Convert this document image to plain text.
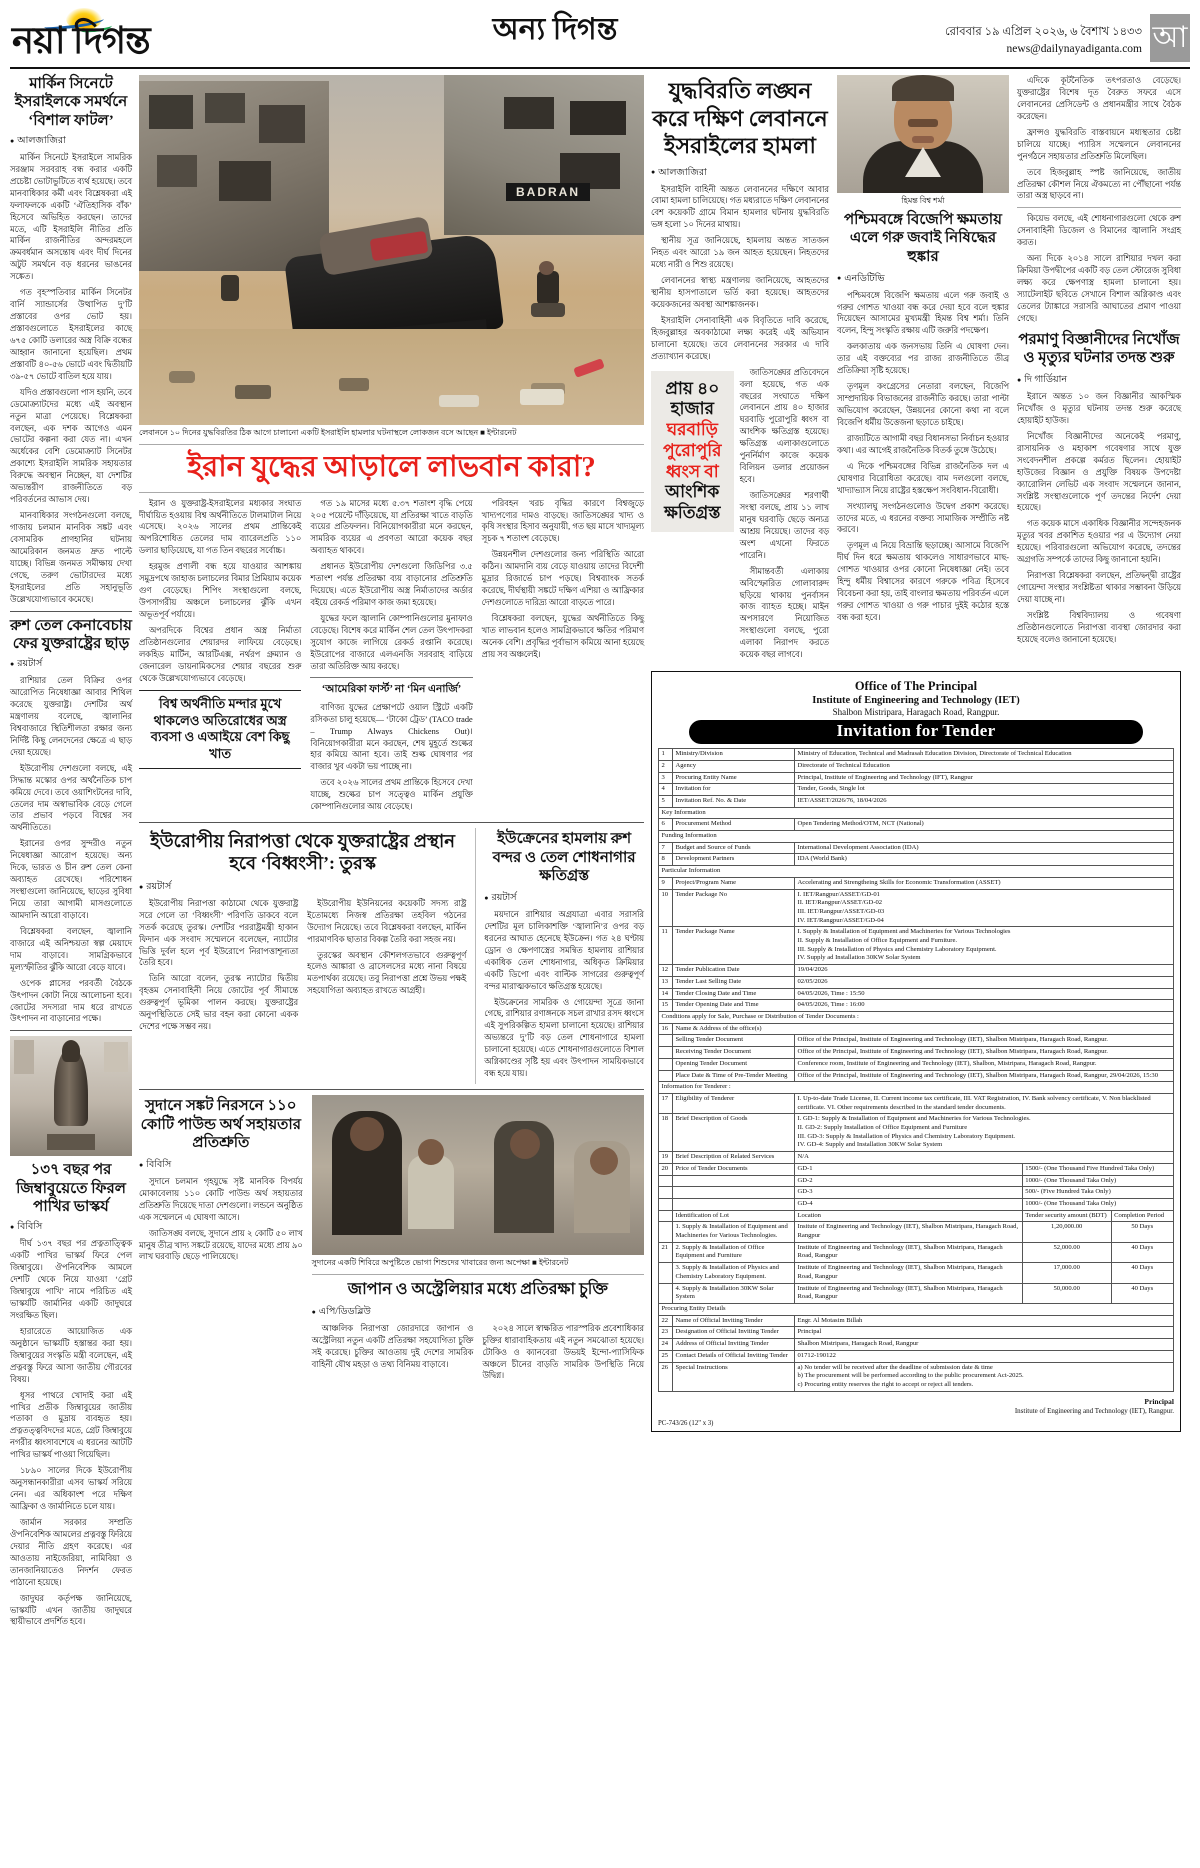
নয়া দিগন্ত	অন্য দিগন্ত	রোববার ১৯ এপ্রিল ২০২৬, ৬ বৈশাখ ১৪৩৩
news@dailynayadiganta.com আ
মার্কিন সিনেটে ইসরাইলকে সমর্থনে ‘বিশাল ফাটল’
● আলজাজিরা

মার্কিন সিনেটে ইসরাইলে সামরিক সরঞ্জাম সরবরাহ বন্ধ করার একটি প্রচেষ্টা ভোটাভুটিতে ব্যর্থ হয়েছে। তবে মানবাধিকার কর্মী এবং বিশ্লেষকরা এই ফলাফলকে একটি ‘ঐতিহাসিক বাঁক’ হিসেবে অভিহিত করছেন। তাদের মতে, এটি ইসরাইলি নীতির প্রতি মার্কিন রাজনীতির অন্দরমহলে ক্রমবর্ধমান অসন্তোষ এবং দীর্ঘ দিনের অটুট সমর্থনে বড় ধরনের ভাঙনের সঙ্কেত।

গত বৃহস্পতিবার মার্কিন সিনেটর বার্নি স্যান্ডার্সের উত্থাপিত দু’টি প্রস্তাবের ওপর ভোট হয়। প্রস্তাবগুলোতে ইসরাইলের কাছে ৬৭৫ কোটি ডলারের অস্ত্র বিক্রি বন্ধের আহ্বান জানানো হয়েছিল। প্রথম প্রস্তাবটি ৪০-৫৬ ভোটে এবং দ্বিতীয়টি ৩৯-৫৭ ভোটে বাতিল হয়ে যায়।

যদিও প্রস্তাবগুলো পাস হয়নি, তবে ডেমোক্র্যাটদের মধ্যে এই অবস্থান নতুন মাত্রা পেয়েছে। বিশ্লেষকরা বলছেন, এক দশক আগেও এমন ভোটের কল্পনা করা যেত না। এখন অর্ধেকের বেশি ডেমোক্র্যাট সিনেটর প্রকাশ্যে ইসরাইলি সামরিক সহায়তার বিরুদ্ধে অবস্থান নিচ্ছেন, যা দেশটির অভ্যন্তরীণ রাজনীতিতে বড় পরিবর্তনের আভাস দেয়।

মানবাধিকার সংগঠনগুলো বলছে, গাজায় চলমান মানবিক সঙ্কট এবং বেসামরিক প্রাণহানির ঘটনায় আমেরিকান জনমত দ্রুত পাল্টে যাচ্ছে। বিভিন্ন জনমত সমীক্ষায় দেখা গেছে, তরুণ ভোটারদের মধ্যে ইসরাইলের প্রতি সহানুভূতি উল্লেখযোগ্যভাবে কমেছে।

রুশ তেল কেনাবেচায় ফের যুক্তরাষ্ট্রের ছাড়
● রয়টার্স

রাশিয়ার তেল বিক্রির ওপর আরোপিত নিষেধাজ্ঞা আবার শিথিল করেছে যুক্তরাষ্ট্র। দেশটির অর্থ মন্ত্রণালয় বলেছে, জ্বালানির বিশ্ববাজারে স্থিতিশীলতা রক্ষার জন্য নির্দিষ্ট কিছু লেনদেনের ক্ষেত্রে এ ছাড় দেয়া হয়েছে।

ইউরোপীয় দেশগুলো বলছে, এই সিদ্ধান্ত মস্কোর ওপর অর্থনৈতিক চাপ কমিয়ে দেবে। তবে ওয়াশিংটনের দাবি, তেলের দাম অস্বাভাবিক বেড়ে গেলে তার প্রভাব পড়বে বিশ্বের সব অর্থনীতিতে।

ইরানের ওপর সুন্দরীও নতুন নিষেধাজ্ঞা আরোপ হয়েছে। অন্য দিকে, ভারত ও চীন রুশ তেল কেনা অব্যাহত রেখেছে। পরিশোধন সংস্থাগুলো জানিয়েছে, ছাড়ের সুবিধা নিয়ে তারা আগামী মাসগুলোতে আমদানি আরো বাড়াবে।

বিশ্লেষকরা বলছেন, জ্বালানি বাজারে এই অনিশ্চয়তা স্বল্প মেয়াদে দাম বাড়াবে। সামগ্রিকভাবে মূল্যস্ফীতির ঝুঁকি আরো বেড়ে যাবে।

ওপেক প্লাসের পরবর্তী বৈঠকে উৎপাদন কোটা নিয়ে আলোচনা হবে। জোটের সদস্যরা দাম ধরে রাখতে উৎপাদন না বাড়ানোর পক্ষে।

১৩৭ বছর পর জিম্বাবুয়েতে ফিরল পাখির ভাস্কর্য
● বিবিসি

দীর্ঘ ১৩৭ বছর পর প্রত্নতাত্ত্বিক একটি পাখির ভাস্কর্য ফিরে পেল জিম্বাবুয়ে। ঔপনিবেশিক আমলে দেশটি থেকে নিয়ে যাওয়া ‘গ্রেট জিম্বাবুয়ে পাখি’ নামে পরিচিত এই ভাস্কর্যটি জার্মানির একটি জাদুঘরে সংরক্ষিত ছিল।

হারারেতে আয়োজিত এক অনুষ্ঠানে ভাস্কর্যটি হস্তান্তর করা হয়। জিম্বাবুয়ের সংস্কৃতি মন্ত্রী বলেছেন, এই প্রত্নবস্তু ফিরে আসা জাতীয় গৌরবের বিষয়।

ধূসর পাথরে খোদাই করা এই পাখির প্রতীক জিম্বাবুয়ের জাতীয় পতাকা ও মুদ্রায় ব্যবহৃত হয়। প্রত্নতত্ত্ববিদদের মতে, গ্রেট জিম্বাবুয়ে নগরীর ধ্বংসাবশেষে এ ধরনের আটটি পাখির ভাস্কর্য পাওয়া গিয়েছিল।

১৮৯০ সালের দিকে ইউরোপীয় অনুসন্ধানকারীরা এসব ভাস্কর্য সরিয়ে নেন। এর অধিকাংশ পরে দক্ষিণ আফ্রিকা ও জার্মানিতে চলে যায়।

জার্মান সরকার সম্প্রতি ঔপনিবেশিক আমলের প্রত্নবস্তু ফিরিয়ে দেয়ার নীতি গ্রহণ করেছে। এর আওতায় নাইজেরিয়া, নামিবিয়া ও তানজানিয়াতেও নিদর্শন ফেরত পাঠানো হয়েছে।

জাদুঘর কর্তৃপক্ষ জানিয়েছে, ভাস্কর্যটি এখন জাতীয় জাদুঘরে স্থায়ীভাবে প্রদর্শিত হবে।

BADRAN
লেবাননে ১০ দিনের যুদ্ধবিরতির ঠিক আগে চালানো একটি ইসরাইলি হামলার ঘটনাস্থলে লোকজন বসে আছেন ■ ইন্টারনেট
ইরান যুদ্ধের আড়ালে লাভবান কারা?

ইরান ও যুক্তরাষ্ট্র-ইসরাইলের মধ্যকার সংঘাত দীর্ঘায়িত হওয়ায় বিশ্ব অর্থনীতিতে টালমাটাল নিয়ে এসেছে। ২০২৬ সালের প্রথম প্রান্তিকেই অপরিশোধিত তেলের দাম ব্যারেলপ্রতি ১১০ ডলার ছাড়িয়েছে, যা গত তিন বছরের সর্বোচ্চ।

হরমুজ প্রণালী বন্ধ হয়ে যাওয়ার আশঙ্কায় সমুদ্রপথে জাহাজ চলাচলের বিমার প্রিমিয়াম কয়েক গুণ বেড়েছে। শিপিং সংস্থাগুলো বলছে, উপসাগরীয় অঞ্চলে চলাচলের ঝুঁকি এখন অভূতপূর্ব পর্যায়ে।

অপরদিকে বিশ্বের প্রধান অস্ত্র নির্মাতা প্রতিষ্ঠানগুলোর শেয়ারদর লাফিয়ে বেড়েছে। লকহিড মার্টিন, আরটিএক্স, নর্থরপ গ্রুম্যান ও জেনারেল ডায়নামিকসের শেয়ার বছরের শুরু থেকে উল্লেখযোগ্যভাবে বেড়েছে।

বিশ্ব অর্থনীতি মন্দার মুখে থাকলেও অতিরোধের অস্ত্র ব্যবসা ও এআইয়ে বেশ কিছু খাত

গত ১৯ মাসের মধ্যে ৫.৩৭ শতাংশ বৃদ্ধি পেয়ে ২০৫ পয়েন্টে দাঁড়িয়েছে, যা প্রতিরক্ষা খাতে বাড়তি ব্যয়ের প্রতিফলন। বিনিয়োগকারীরা মনে করছেন, সামরিক ব্যয়ের এ প্রবণতা আরো কয়েক বছর অব্যাহত থাকবে।

প্রধানত ইউরোপীয় দেশগুলো জিডিপির ৩.৫ শতাংশ পর্যন্ত প্রতিরক্ষা ব্যয় বাড়ানোর প্রতিশ্রুতি দিয়েছে। এতে ইউরোপীয় অস্ত্র নির্মাতাদের অর্ডার বইয়ে রেকর্ড পরিমাণ কাজ জমা হয়েছে।

যুদ্ধের ফলে জ্বালানি কোম্পানিগুলোর মুনাফাও বেড়েছে। বিশেষ করে মার্কিন শেল তেল উৎপাদকরা সুযোগ কাজে লাগিয়ে রেকর্ড রপ্তানি করেছে। ইউরোপের বাজারে এলএনজি সরবরাহ বাড়িয়ে তারা অতিরিক্ত আয় করছে।

‘আমেরিকা ফার্স্ট’ না ‘মিন এনার্জি’

বাণিজ্য যুদ্ধের প্রেক্ষাপটে ওয়াল স্ট্রিটে একটি রসিকতা চালু হয়েছে— ‘টাকো ট্রেড’ (TACO trade – Trump Always Chickens Out)। বিনিয়োগকারীরা মনে করছেন, শেষ মুহূর্তে শুল্কের হার কমিয়ে আনা হবে। তাই শুল্ক ঘোষণার পর বাজার খুব একটা ভয় পাচ্ছে না।

তবে ২০২৬ সালের প্রথম প্রান্তিকে হিসেবে দেখা যাচ্ছে, শুল্কের চাপ সত্ত্বেও মার্কিন প্রযুক্তি কোম্পানিগুলোর আয় বেড়েছে।

পরিবহন খরচ বৃদ্ধির কারণে বিশ্বজুড়ে খাদ্যপণ্যের দামও বাড়ছে। জাতিসঙ্ঘের খাদ্য ও কৃষি সংস্থার হিসাব অনুযায়ী, গত ছয় মাসে খাদ্যমূল্য সূচক ৭ শতাংশ বেড়েছে।

উন্নয়নশীল দেশগুলোর জন্য পরিস্থিতি আরো কঠিন। আমদানি ব্যয় বেড়ে যাওয়ায় তাদের বিদেশী মুদ্রার রিজার্ভে চাপ পড়ছে। বিশ্বব্যাংক সতর্ক করেছে, দীর্ঘস্থায়ী সঙ্কটে দক্ষিণ এশিয়া ও আফ্রিকার দেশগুলোতে দারিদ্র্য আরো বাড়তে পারে।

বিশ্লেষকরা বলছেন, যুদ্ধের অর্থনীতিতে কিছু খাত লাভবান হলেও সামগ্রিকভাবে ক্ষতির পরিমাণ অনেক বেশি। প্রবৃদ্ধির পূর্বাভাস কমিয়ে আনা হয়েছে প্রায় সব অঞ্চলেই।

ইউরোপীয় নিরাপত্তা থেকে যুক্তরাষ্ট্রের প্রস্থান হবে ‘বিধ্বংসী’: তুরস্ক
● রয়টার্স

ইউরোপীয় নিরাপত্তা কাঠামো থেকে যুক্তরাষ্ট্র সরে গেলে তা ‘বিধ্বংসী’ পরিণতি ডাকবে বলে সতর্ক করেছে তুরস্ক। দেশটির পররাষ্ট্রমন্ত্রী হাকান ফিদান এক সংবাদ সম্মেলনে বলেছেন, ন্যাটোর ভিত্তি দুর্বল হলে পূর্ব ইউরোপে নিরাপত্তাশূন্যতা তৈরি হবে।

তিনি আরো বলেন, তুরস্ক ন্যাটোর দ্বিতীয় বৃহত্তম সেনাবাহিনী নিয়ে জোটের পূর্ব সীমান্তে গুরুত্বপূর্ণ ভূমিকা পালন করছে। যুক্তরাষ্ট্রের অনুপস্থিতিতে সেই ভার বহন করা কোনো একক দেশের পক্ষে সম্ভব নয়।

ইউরোপীয় ইউনিয়নের কয়েকটি সদস্য রাষ্ট্র ইতোমধ্যে নিজস্ব প্রতিরক্ষা তহবিল গঠনের উদ্যোগ নিয়েছে। তবে বিশ্লেষকরা বলছেন, মার্কিন পারমাণবিক ছাতার বিকল্প তৈরি করা সহজ নয়।

তুরস্কের অবস্থান কৌশলগতভাবে গুরুত্বপূর্ণ হলেও আঙ্কারা ও ব্রাসেলসের মধ্যে নানা বিষয়ে মতপার্থক্য রয়েছে। তবু নিরাপত্তা প্রশ্নে উভয় পক্ষই সহযোগিতা অব্যাহত রাখতে আগ্রহী।

ইউক্রেনের হামলায় রুশ বন্দর ও তেল শোধনাগার ক্ষতিগ্রস্ত
● রয়টার্স

ময়দানে রাশিয়ার অগ্রযাত্রা এবার সরাসরি দেশটির মূল চালিকাশক্তি ‘জ্বালানি’র ওপর বড় ধরনের আঘাত হেনেছে ইউক্রেন। গত ২৪ ঘণ্টায় ড্রোন ও ক্ষেপণাস্ত্রের সমন্বিত হামলায় রাশিয়ার একাধিক তেল শোধনাগার, অধিকৃত ক্রিমিয়ার একটি ডিপো এবং বাল্টিক সাগরের গুরুত্বপূর্ণ বন্দর মারাত্মকভাবে ক্ষতিগ্রস্ত হয়েছে।

ইউক্রেনের সামরিক ও গোয়েন্দা সূত্রে জানা গেছে, রাশিয়ার রণাঙ্গনকে সচল রাখার রসদ ধ্বংসে এই সুপরিকল্পিত হামলা চালানো হয়েছে। রাশিয়ার অভ্যন্তরে দু’টি বড় তেল শোধনাগারে হামলা চালানো হয়েছে। এতে শোধনাগারগুলোতে বিশাল অগ্নিকাণ্ডের সৃষ্টি হয় এবং উৎপাদন সাময়িকভাবে বন্ধ হয়ে যায়।

সুদানে সঙ্কট নিরসনে ১১০ কোটি পাউন্ড অর্থ সহায়তার প্রতিশ্রুতি
● বিবিসি

সুদানে চলমান গৃহযুদ্ধে সৃষ্ট মানবিক বিপর্যয় মোকাবেলায় ১১০ কোটি পাউন্ড অর্থ সহায়তার প্রতিশ্রুতি দিয়েছে দাতা দেশগুলো। লন্ডনে অনুষ্ঠিত এক সম্মেলনে এ ঘোষণা আসে।

জাতিসঙ্ঘ বলছে, সুদানে প্রায় ২ কোটি ৫০ লাখ মানুষ তীব্র খাদ্য সঙ্কটে রয়েছে, যাদের মধ্যে প্রায় ৯০ লাখ ঘরবাড়ি ছেড়ে পালিয়েছে।

সুদানের একটি শিবিরে অপুষ্টিতে ভোগা শিশুদের খাবারের জন্য অপেক্ষা ■ ইন্টারনেট
জাপান ও অস্ট্রেলিয়ার মধ্যে প্রতিরক্ষা চুক্তি
● এপি/ডিডব্লিউ

আঞ্চলিক নিরাপত্তা জোরদারে জাপান ও অস্ট্রেলিয়া নতুন একটি প্রতিরক্ষা সহযোগিতা চুক্তি সই করেছে। চুক্তির আওতায় দুই দেশের সামরিক বাহিনী যৌথ মহড়া ও তথ্য বিনিময় বাড়াবে।

২০২৪ সালে স্বাক্ষরিত পারস্পরিক প্রবেশাধিকার চুক্তির ধারাবাহিকতায় এই নতুন সমঝোতা হয়েছে। টোকিও ও ক্যানবেরা উভয়ই ইন্দো-প্যাসিফিক অঞ্চলে চীনের বাড়তি সামরিক উপস্থিতি নিয়ে উদ্বিগ্ন।

যুদ্ধবিরতি লঙ্ঘন করে দক্ষিণ লেবাননে ইসরাইলের হামলা
● আলজাজিরা

ইসরাইলি বাহিনী অন্তত লেবাননের দক্ষিণে আবার বোমা হামলা চালিয়েছে। গত মধ্যরাতে দক্ষিণ লেবাননের বেশ কয়েকটি গ্রামে বিমান হামলার ঘটনায় যুদ্ধবিরতি ভঙ্গ হলো ১০ দিনের মাথায়।

স্থানীয় সূত্র জানিয়েছে, হামলায় অন্তত সাতজন নিহত এবং আরো ১৯ জন আহত হয়েছেন। নিহতদের মধ্যে নারী ও শিশু রয়েছে।

লেবাননের স্বাস্থ্য মন্ত্রণালয় জানিয়েছে, আহতদের স্থানীয় হাসপাতালে ভর্তি করা হয়েছে। আহতদের কয়েকজনের অবস্থা আশঙ্কাজনক।

ইসরাইলি সেনাবাহিনী এক বিবৃতিতে দাবি করেছে, হিজবুল্লাহর অবকাঠামো লক্ষ্য করেই এই অভিযান চালানো হয়েছে। তবে লেবাননের সরকার এ দাবি প্রত্যাখ্যান করেছে।

প্রায় ৪০ হাজার
ঘরবাড়ি পুরোপুরি ধ্বংস বা
আংশিক ক্ষতিগ্রস্ত

জাতিসঙ্ঘের প্রতিবেদনে বলা হয়েছে, গত এক বছরের সংঘাতে দক্ষিণ লেবাননে প্রায় ৪০ হাজার ঘরবাড়ি পুরোপুরি ধ্বংস বা আংশিক ক্ষতিগ্রস্ত হয়েছে। ক্ষতিগ্রস্ত এলাকাগুলোতে পুনর্নির্মাণ কাজে কয়েক বিলিয়ন ডলার প্রয়োজন হবে।

জাতিসঙ্ঘের শরণার্থী সংস্থা বলছে, প্রায় ১১ লাখ মানুষ ঘরবাড়ি ছেড়ে অন্যত্র আশ্রয় নিয়েছে। তাদের বড় অংশ এখনো ফিরতে পারেনি।

সীমান্তবর্তী এলাকায় অবিস্ফোরিত গোলাবারুদ ছড়িয়ে থাকায় পুনর্বাসন কাজ ব্যাহত হচ্ছে। মাইন অপসারণে নিয়োজিত সংস্থাগুলো বলছে, পুরো এলাকা নিরাপদ করতে কয়েক বছর লাগবে।

হিমন্ত বিশ্ব শর্মা
পশ্চিমবঙ্গে বিজেপি ক্ষমতায় এলে গরু জবাই নিষিদ্ধের হুঙ্কার
● এনডিটিভি

পশ্চিমবঙ্গে বিজেপি ক্ষমতায় এলে গরু জবাই ও গরুর গোশত খাওয়া বন্ধ করে দেয়া হবে বলে হুঙ্কার দিয়েছেন আসামের মুখ্যমন্ত্রী হিমন্ত বিশ্ব শর্মা। তিনি বলেন, হিন্দু সংস্কৃতি রক্ষায় এটি জরুরি পদক্ষেপ।

কলকাতায় এক জনসভায় তিনি এ ঘোষণা দেন। তার এই বক্তব্যের পর রাজ্য রাজনীতিতে তীব্র প্রতিক্রিয়া সৃষ্টি হয়েছে।

তৃণমূল কংগ্রেসের নেতারা বলছেন, বিজেপি সাম্প্রদায়িক বিভাজনের রাজনীতি করছে। তারা পাল্টা অভিযোগ করেছেন, উন্নয়নের কোনো কথা না বলে বিজেপি ধর্মীয় উত্তেজনা ছড়াতে চাইছে।

রাজ্যটিতে আগামী বছর বিধানসভা নির্বাচন হওয়ার কথা। এর আগেই রাজনৈতিক বিতর্ক তুঙ্গে উঠেছে।

এ দিকে পশ্চিমবঙ্গের বিভিন্ন রাজনৈতিক দল এ ঘোষণার বিরোধিতা করেছে। বাম দলগুলো বলছে, খাদ্যাভ্যাস নিয়ে রাষ্ট্রের হস্তক্ষেপ সংবিধান-বিরোধী।

সংখ্যালঘু সংগঠনগুলোও উদ্বেগ প্রকাশ করেছে। তাদের মতে, এ ধরনের বক্তব্য সামাজিক সম্প্রীতি নষ্ট করবে।

তৃণমূল এ নিয়ে বিভ্রান্তি ছড়াচ্ছে। আসামে বিজেপি দীর্ঘ দিন ধরে ক্ষমতায় থাকলেও সাধারণভাবে মাছ-গোশত খাওয়ার ওপর কোনো নিষেধাজ্ঞা নেই। তবে হিন্দু ধর্মীয় বিশ্বাসের কারণে গরুকে পবিত্র হিসেবে বিবেচনা করা হয়, তাই বাংলার ক্ষমতায় পরিবর্তন এলে গরুর গোশত খাওয়া ও গরু পাচার দুইই কঠোর হস্তে বন্ধ করা হবে।

এদিকে কূটনৈতিক তৎপরতাও বেড়েছে। যুক্তরাষ্ট্রের বিশেষ দূত বৈরুত সফরে এসে লেবাননের প্রেসিডেন্ট ও প্রধানমন্ত্রীর সাথে বৈঠক করেছেন।

ফ্রান্সও যুদ্ধবিরতি বাস্তবায়নে মধ্যস্থতার চেষ্টা চালিয়ে যাচ্ছে। প্যারিস সম্মেলনে লেবাননের পুনর্গঠনে সহায়তার প্রতিশ্রুতি মিলেছিল।

তবে হিজবুল্লাহ স্পষ্ট জানিয়েছে, জাতীয় প্রতিরক্ষা কৌশল নিয়ে ঐকমত্যে না পৌঁছানো পর্যন্ত তারা অস্ত্র ছাড়বে না।

কিয়েভ বলছে, এই শোধনাগারগুলো থেকে রুশ সেনাবাহিনী ডিজেল ও বিমানের জ্বালানি সংগ্রহ করত।

অন্য দিকে ২০১৪ সালে রাশিয়ার দখল করা ক্রিমিয়া উপদ্বীপের একটি বড় তেল স্টোরেজ সুবিধা লক্ষ্য করে ক্ষেপণাস্ত্র হামলা চালানো হয়। স্যাটেলাইট ছবিতে সেখানে বিশাল অগ্নিকাণ্ড এবং তেলের ট্যাঙ্কারে সরাসরি আঘাতের প্রমাণ পাওয়া গেছে।

পরমাণু বিজ্ঞানীদের নিখোঁজ ও মৃত্যুর ঘটনার তদন্ত শুরু
● দি গার্ডিয়ান

ইরানে অন্তত ১০ জন বিজ্ঞানীর আকস্মিক নিখোঁজ ও মৃত্যুর ঘটনায় তদন্ত শুরু করেছে হোয়াইট হাউজ।

নিখোঁজ বিজ্ঞানীদের অনেকেই পরমাণু, রাসায়নিক ও মহাকাশ গবেষণার সাথে যুক্ত সংবেদনশীল প্রকল্পে কর্মরত ছিলেন। হোয়াইট হাউজের বিজ্ঞান ও প্রযুক্তি বিষয়ক উপদেষ্টা ক্যারোলিন লেভিট এক সংবাদ সম্মেলনে জানান, সংশ্লিষ্ট সংস্থাগুলোকে পূর্ণ তদন্তের নির্দেশ দেয়া হয়েছে।

গত কয়েক মাসে একাধিক বিজ্ঞানীর সন্দেহজনক মৃত্যুর খবর প্রকাশিত হওয়ার পর এ উদ্যোগ নেয়া হয়েছে। পরিবারগুলো অভিযোগ করেছে, তদন্তের অগ্রগতি সম্পর্কে তাদের কিছু জানানো হয়নি।

নিরাপত্তা বিশ্লেষকরা বলছেন, প্রতিদ্বন্দ্বী রাষ্ট্রের গোয়েন্দা সংস্থার সংশ্লিষ্টতা থাকার সম্ভাবনা উড়িয়ে দেয়া যাচ্ছে না।

সংশ্লিষ্ট বিশ্ববিদ্যালয় ও গবেষণা প্রতিষ্ঠানগুলোতে নিরাপত্তা ব্যবস্থা জোরদার করা হয়েছে বলেও জানানো হয়েছে।

Office of The Principal
Institute of Engineering and Technology (IET)
Shalbon Mistripara, Haragach Road, Rangpur.
Invitation for Tender
1	Ministry/Division	Ministry of Education, Technical and Madrasah Education Division, Directorate of Technical Education		
2	Agency	Directorate of Technical Education		
3	Procuring Entity Name	Principal, Institute of Engineering and Technology (IFT), Rangpur		
4	Invitation for	Tender, Goods, Single lot		
5	Invitation Ref. No. & Date	IET/ASSET/2026/76, 18/04/2026		
Key Information				
6	Procurement Method	Open Tendering Method/OTM, NCT (National)		
Funding Information				
7	Budget and Source of Funds	International Development Association (IDA)		
8	Development Partners	IDA (World Bank)		
Particular Information				
9	Project/Program Name	Accelerating and Strengtheing Skills for Economic Transformation (ASSET)		
10	Tender Package No	I. IET/Rangpur/ASSET/GD-01
II. IET/Rangpur/ASSET/GD-02
III. IET/Rangpur/ASSET/GD-03
IV. IET/Rangpur/ASSET/GD-04		
11	Tender Package Name	I. Supply & Installation of Equipment and Machineries for Various Technologies
II. Supply & Installation of Office Equipment and Furniture.
III. Supply & Installation of Physics and Chemistry Laboratory Equipment.
IV. Supply ad Installation 30KW Solar System		
12	Tender Publication Date	19/04/2026		
13	Tender Last Selling Date	02/05/2026		
14	Tender Closing Date and Time	04/05/2026, Time : 15:50		
15	Tender Opening Date and Time	04/05/2026, Time : 16:00		
Conditions apply for Sale, Purchase or Distribution of Tender Documents :				
16	Name & Address of the office(s)			
	Selling Tender Document	Office of the Principal, Institute of Engineering and Technology (IET), Shalbon Mistripara, Haragach Road, Rangpur.		
	Receiving Tender Document	Office of the Principal, Institute of Engineering and Technology (IET), Shalbon Mistripara, Haragach Road, Rangpur.		
	Opening Tender Document	Conference room, Institute of Engineering and Technology (IET), Shalbon, Mistripara, Haragach Road, Rangpur.		
	Place Date & Time of Pre-Tender Meeting	Office of the Principal, Institute of Engineering and Technology (IET), Shalbon Mistripara, Haragach Road, Rangpur, 29/04/2026, 15:30		
Information for Tenderer :				
17	Eligibility of Tenderer	I. Up-to-date Trade License, II. Current income tax certificate, III. VAT Registration, IV. Bank solvency certificate, V. Non blacklisted certificate. VI. Other requirements described in the standard tender documents.		
18	Brief Description of Goods	I. GD-1: Supply & Installation of Equipment and Machineries for Various Technologies.
II. GD-2: Supply Installation of Office Equipment and Furniture
III. GD-3: Supply & Installation of Physics and Chemistry Laboratory Equipment.
IV. GD-4: Supply and Installation 30KW Solar System		
19	Brief Description of Related Services	N/A		
20	Price of Tender Documents	GD-1	1500/- (One Thousand Five Hundred Taka Only)	
		GD-2	1000/- (One Thousand Taka Only)	
		GD-3	500/- (Five Hundred Taka Only)	
		GD-4	1000/- (One Thousand Taka Only)	
	Identification of Lot	Location	Tender security amount (BDT)	Completion Period
	1. Supply & Installation of Equipment and Machineries for Various Technologies.	Insitute of Engineering and Technology (IET), Shalbon Mistripara, Haragach Road, Rangpur	1,20,000.00	50 Days
21	2. Supply & Installation of Office Equipment and Furniture	Institute of Engineering and Technology (IET), Shalbon Mistripara, Haragach Road, Rangpur	52,000.00	40 Days
	3. Supply & Installation of Physics and Chemistry Laboratory Equipment.	Institute of Engineering and Technology (IET), Shalbon Mistripara, Haragach Road, Rangpur	17,000.00	40 Days
	4. Supply & Installation 30KW Solar System	Institute of Engineering and Technology (IET), Shalbon Mistripara, Haragach Road, Rangpur	50,000.00	40 Days
Procuring Entity Details				
22	Name of Official Inviting Tender	Engr. Al Motasim Billah		
23	Designation of Official Inviting Tender	Principal		
24	Address of Official Inviting Tender	Shalbon Mistripara, Haragach Road, Rangpur		
25	Contact Details of Official Inviting Tender	01712-190122		
26	Special Instructions	a) No tender will be received after the deadline of submission date & time
b) The procurement will be performed according to the public procurement Act-2025.
c) Procuring entity reserves the right to accept or reject all tenders.		
Principal
Institute of Engineering and Technology (IET), Rangpur.
PC-743/26 (12" x 3)
